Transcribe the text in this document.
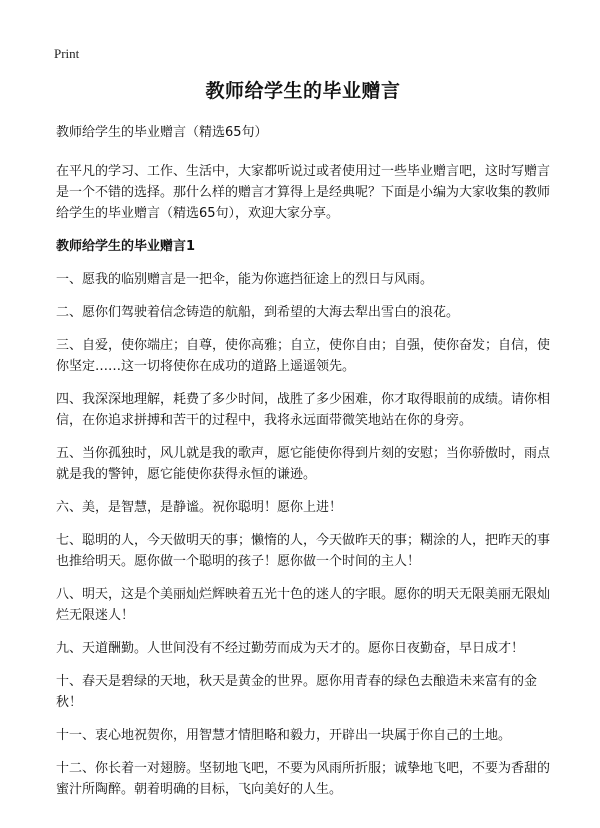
Print
教师给学生的毕业赠言

教师给学生的毕业赠言（精选65句）

在平凡的学习、工作、生活中，大家都听说过或者使用过一些毕业赠言吧，这时写赠言是一个不错的选择。那什么样的赠言才算得上是经典呢？下面是小编为大家收集的教师给学生的毕业赠言（精选65句），欢迎大家分享。

教师给学生的毕业赠言1

一、愿我的临别赠言是一把伞，能为你遮挡征途上的烈日与风雨。

二、愿你们驾驶着信念铸造的航船，到希望的大海去犁出雪白的浪花。

三、自爱，使你端庄；自尊，使你高雅；自立，使你自由；自强，使你奋发；自信，使你坚定……这一切将使你在成功的道路上遥遥领先。

四、我深深地理解，耗费了多少时间，战胜了多少困难，你才取得眼前的成绩。请你相信，在你追求拼搏和苦干的过程中，我将永远面带微笑地站在你的身旁。

五、当你孤独时，风儿就是我的歌声，愿它能使你得到片刻的安慰；当你骄傲时，雨点就是我的警钟，愿它能使你获得永恒的谦逊。

六、美，是智慧，是静谧。祝你聪明！愿你上进！

七、聪明的人，今天做明天的事；懒惰的人，今天做昨天的事；糊涂的人，把昨天的事也推给明天。愿你做一个聪明的孩子！愿你做一个时间的主人！

八、明天，这是个美丽灿烂辉映着五光十色的迷人的字眼。愿你的明天无限美丽无限灿烂无限迷人！

九、天道酬勤。人世间没有不经过勤劳而成为天才的。愿你日夜勤奋，早日成才！

十、春天是碧绿的天地，秋天是黄金的世界。愿你用青春的绿色去酿造未来富有的金秋！

十一、衷心地祝贺你，用智慧才情胆略和毅力，开辟出一块属于你自己的土地。

十二、你长着一对翅膀。坚韧地飞吧，不要为风雨所折服；诚挚地飞吧，不要为香甜的蜜汁所陶醉。朝着明确的目标，飞向美好的人生。
